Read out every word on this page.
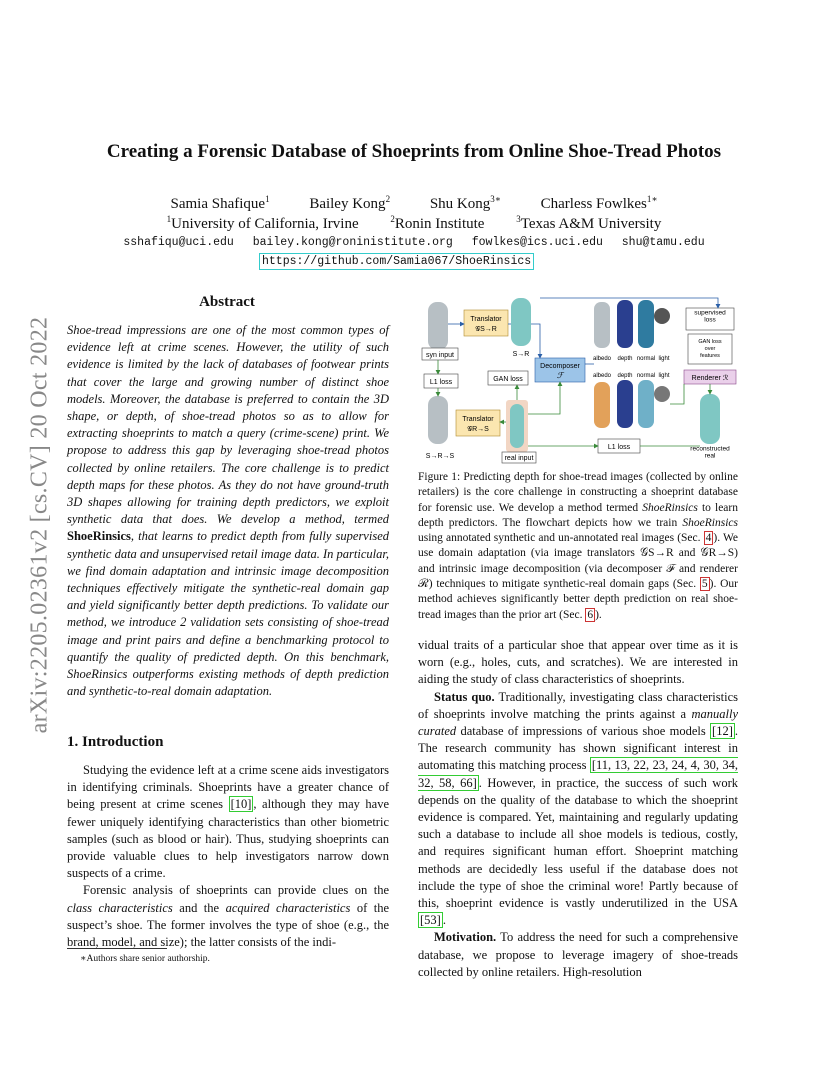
arXiv:2205.02361v2 [cs.CV] 20 Oct 2022
Creating a Forensic Database of Shoeprints from Online Shoe-Tread Photos
Samia Shafique$^1$	Bailey Kong$^2$	Shu Kong$^{3∗}$	Charless Fowlkes$^{1∗}$
$^1$University of California, Irvine	$^2$Ronin Institute	$^3$Texas A&M University
sshafiqu@uci.edu bailey.kong@roninistitute.org fowlkes@ics.uci.edu shu@tamu.edu
https://github.com/Samia067/ShoeRinsics
Abstract
Shoe-tread impressions are one of the most common types of evidence left at crime scenes. However, the utility of such evidence is limited by the lack of databases of footwear prints that cover the large and growing number of distinct shoe models. Moreover, the database is preferred to contain the 3D shape, or depth, of shoe-tread photos so as to allow for extracting shoeprints to match a query (crime-scene) print. We propose to address this gap by leveraging shoe-tread photos collected by online retailers. The core challenge is to predict depth maps for these photos. As they do not have ground-truth 3D shapes allowing for training depth predictors, we exploit synthetic data that does. We develop a method, termed ShoeRinsics, that learns to predict depth from fully supervised synthetic data and unsupervised retail image data. In particular, we find domain adaptation and intrinsic image decomposition techniques effectively mitigate the synthetic-real domain gap and yield significantly better depth predictions. To validate our method, we introduce 2 validation sets consisting of shoe-tread image and print pairs and define a benchmarking protocol to quantify the quality of predicted depth. On this benchmark, ShoeRinsics outperforms existing methods of depth prediction and synthetic-to-real domain adaptation.
1. Introduction

Studying the evidence left at a crime scene aids investigators in identifying criminals. Shoeprints have a greater chance of being present at crime scenes [10] , although they may have fewer uniquely identifying characteristics than other biometric samples (such as blood or hair). Thus, studying shoeprints can provide valuable clues to help investigators narrow down suspects of a crime.

Forensic analysis of shoeprints can provide clues on the class characteristics and the acquired characteristics of the suspect’s shoe. The former involves the type of shoe (e.g., the brand, model, and size); the latter consists of the indi-

∗Authors share senior authorship.
syn input
Translator
𝒢S→R
S→R
L1 loss	GAN loss
Decomposer
ℱ
S→R→S
Translator
𝒢R→S
real input
albedo depth normal light
albedo depth normal light
supervised loss
GAN loss over features
Renderer ℛ
reconstructed real
L1 loss
Figure 1: Predicting depth for shoe-tread images (collected by online retailers) is the core challenge in constructing a shoeprint database for forensic use. We develop a method termed ShoeRinsics to learn depth predictors. The flowchart depicts how we train ShoeRinsics using annotated synthetic and un-annotated real images (Sec. 4 ). We use domain adaptation (via image translators 𝒢S→R and 𝒢R→S) and intrinsic image decomposition (via decomposer ℱ and renderer ℛ) techniques to mitigate synthetic-real domain gaps (Sec. 5 ). Our method achieves significantly better depth prediction on real shoe-tread images than the prior art (Sec. 6 ).

vidual traits of a particular shoe that appear over time as it is worn (e.g., holes, cuts, and scratches). We are interested in aiding the study of class characteristics of shoeprints.

Status quo. Traditionally, investigating class characteristics of shoeprints involve matching the prints against a manually curated database of impressions of various shoe models [12] . The research community has shown significant interest in automating this matching process [11, 13, 22, 23, 24, 4, 30, 34, 32, 58, 66] . However, in practice, the success of such work depends on the quality of the database to which the shoeprint evidence is compared. Yet, maintaining and regularly updating such a database to include all shoe models is tedious, costly, and requires significant human effort. Shoeprint matching methods are decidedly less useful if the database does not include the type of shoe the criminal wore! Partly because of this, shoeprint evidence is vastly underutilized in the USA [53] .

Motivation. To address the need for such a comprehensive database, we propose to leverage imagery of shoe-treads collected by online retailers. High-resolution
